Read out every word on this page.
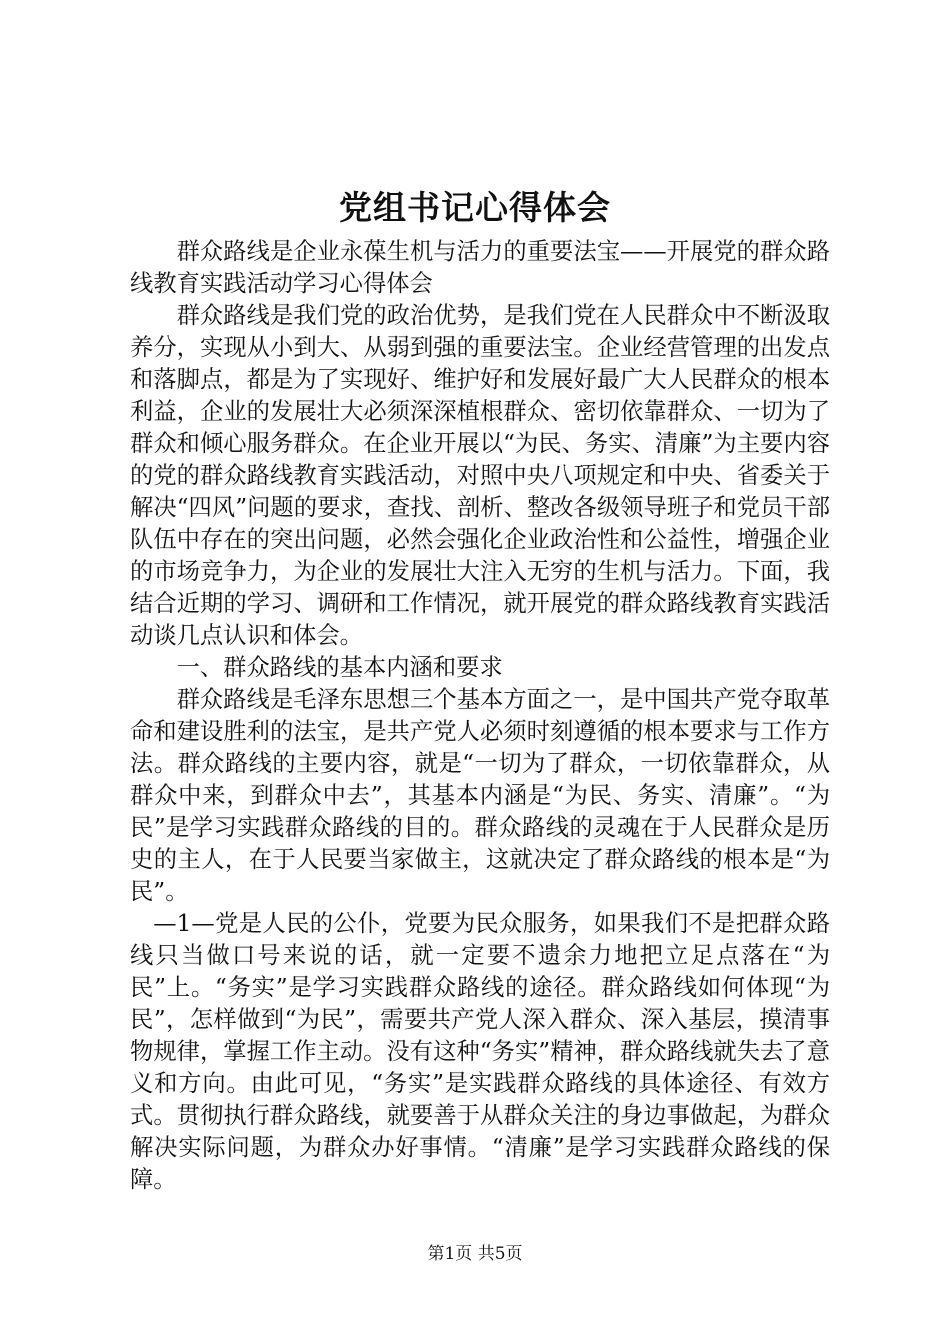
党组书记心得体会

群众路线是企业永葆生机与活力的重要法宝——开展党的群众路线教育实践活动学习心得体会

群众路线是我们党的政治优势，是我们党在人民群众中不断汲取养分，实现从小到大、从弱到强的重要法宝。企业经营管理的出发点和落脚点，都是为了实现好、维护好和发展好最广大人民群众的根本利益，企业的发展壮大必须深深植根群众、密切依靠群众、一切为了群众和倾心服务群众。在企业开展以“为民、务实、清廉”为主要内容的党的群众路线教育实践活动，对照中央八项规定和中央、省委关于解决“四风”问题的要求，查找、剖析、整改各级领导班子和党员干部队伍中存在的突出问题，必然会强化企业政治性和公益性，增强企业的市场竞争力，为企业的发展壮大注入无穷的生机与活力。下面，我结合近期的学习、调研和工作情况，就开展党的群众路线教育实践活动谈几点认识和体会。

一、群众路线的基本内涵和要求

群众路线是毛泽东思想三个基本方面之一，是中国共产党夺取革命和建设胜利的法宝，是共产党人必须时刻遵循的根本要求与工作方法。群众路线的主要内容，就是“一切为了群众，一切依靠群众，从群众中来，到群众中去”，其基本内涵是“为民、务实、清廉”。“为民”是学习实践群众路线的目的。群众路线的灵魂在于人民群众是历史的主人，在于人民要当家做主，这就决定了群众路线的根本是“为民”。

—1—党是人民的公仆，党要为民众服务，如果我们不是把群众路线只当做口号来说的话，就一定要不遗余力地把立足点落在“为民”上。“务实”是学习实践群众路线的途径。群众路线如何体现“为民”，怎样做到“为民”，需要共产党人深入群众、深入基层，摸清事物规律，掌握工作主动。没有这种“务实”精神，群众路线就失去了意义和方向。由此可见，“务实”是实践群众路线的具体途径、有效方式。贯彻执行群众路线，就要善于从群众关注的身边事做起，为群众解决实际问题，为群众办好事情。“清廉”是学习实践群众路线的保障。

第1页 共5页
